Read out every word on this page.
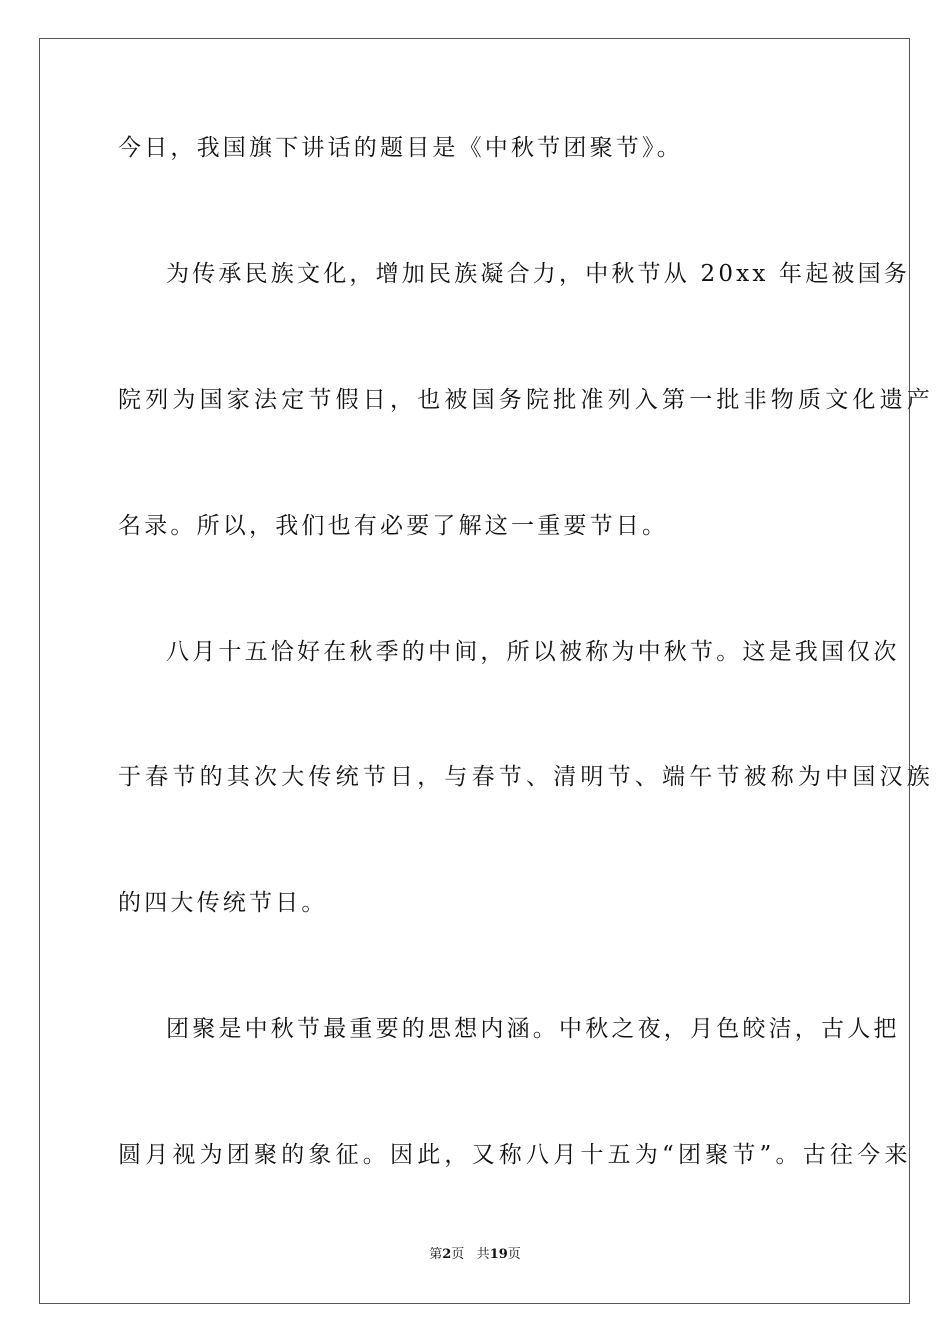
今日，我国旗下讲话的题目是《中秋节团聚节》。
为传承民族文化，增加民族凝合力，中秋节从 20xx 年起被国务
院列为国家法定节假日，也被国务院批准列入第一批非物质文化遗产
名录。所以，我们也有必要了解这一重要节日。
八月十五恰好在秋季的中间，所以被称为中秋节。这是我国仅次
于春节的其次大传统节日，与春节、清明节、端午节被称为中国汉族
的四大传统节日。
团聚是中秋节最重要的思想内涵。中秋之夜，月色皎洁，古人把
圆月视为团聚的象征。因此，又称八月十五为“团聚节”。古往今来
第2页 共19页
